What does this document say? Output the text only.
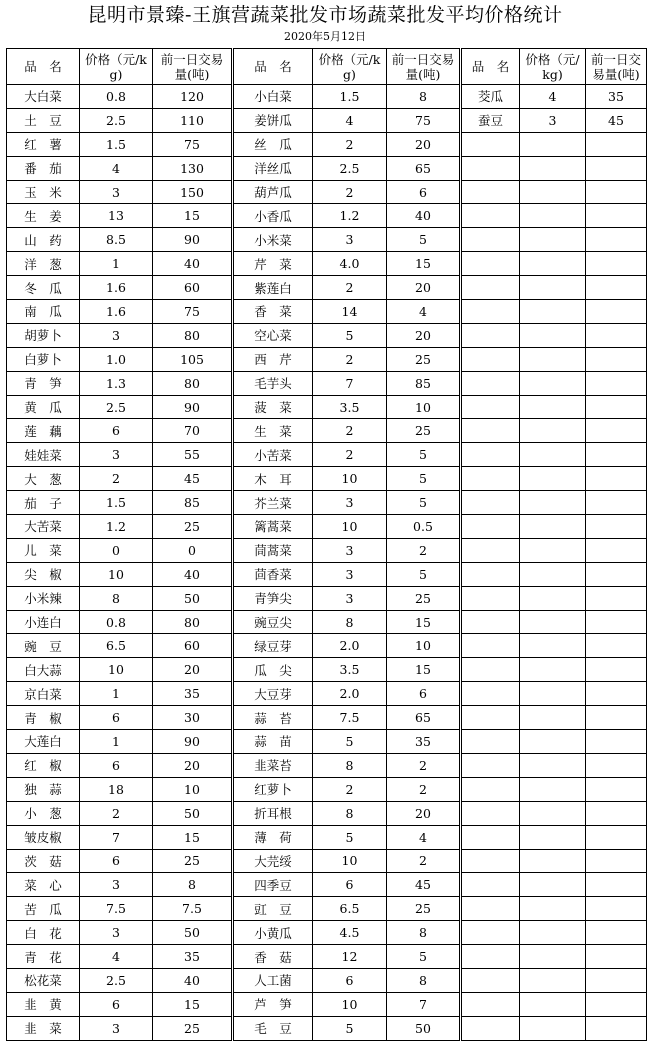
昆明市景臻-王旗营蔬菜批发市场蔬菜批发平均价格统计
2020年5月12日
品　名	价格（元/kg)	前一日交易量(吨)	品　名	价格（元/kg)	前一日交易量(吨)	品　名	价格（元/kg)	前一日交易量(吨)
大白菜	0.8	120	小白菜	1.5	8	茭瓜	4	35
土　豆	2.5	110	姜饼瓜	4	75	蚕豆	3	45
红　薯	1.5	75	丝　瓜	2	20			
番　茄	4	130	洋丝瓜	2.5	65			
玉　米	3	150	葫芦瓜	2	6			
生　姜	13	15	小香瓜	1.2	40			
山　药	8.5	90	小米菜	3	5			
洋　葱	1	40	芹　菜	4.0	15			
冬　瓜	1.6	60	紫莲白	2	20			
南　瓜	1.6	75	香　菜	14	4			
胡萝卜	3	80	空心菜	5	20			
白萝卜	1.0	105	西　芹	2	25			
青　笋	1.3	80	毛芋头	7	85			
黄　瓜	2.5	90	菠　菜	3.5	10			
莲　藕	6	70	生　菜	2	25			
娃娃菜	3	55	小苦菜	2	5			
大　葱	2	45	木　耳	10	5			
茄　子	1.5	85	芥兰菜	3	5			
大苦菜	1.2	25	篱蒿菜	10	0.5			
儿　菜	0	0	茼蒿菜	3	2			
尖　椒	10	40	茴香菜	3	5			
小米辣	8	50	青笋尖	3	25			
小连白	0.8	80	豌豆尖	8	15			
豌　豆	6.5	60	绿豆芽	2.0	10			
白大蒜	10	20	瓜　尖	3.5	15			
京白菜	1	35	大豆芽	2.0	6			
青　椒	6	30	蒜　苔	7.5	65			
大莲白	1	90	蒜　苗	5	35			
红　椒	6	20	韭菜苔	8	2			
独　蒜	18	10	红萝卜	2	2			
小　葱	2	50	折耳根	8	20			
皱皮椒	7	15	薄　荷	5	4			
茨　菇	6	25	大芫绥	10	2			
菜　心	3	8	四季豆	6	45			
苦　瓜	7.5	7.5	豇　豆	6.5	25			
白　花	3	50	小黄瓜	4.5	8			
青　花	4	35	香　菇	12	5			
松花菜	2.5	40	人工菌	6	8			
韭　黄	6	15	芦　笋	10	7			
韭　菜	3	25	毛　豆	5	50			
